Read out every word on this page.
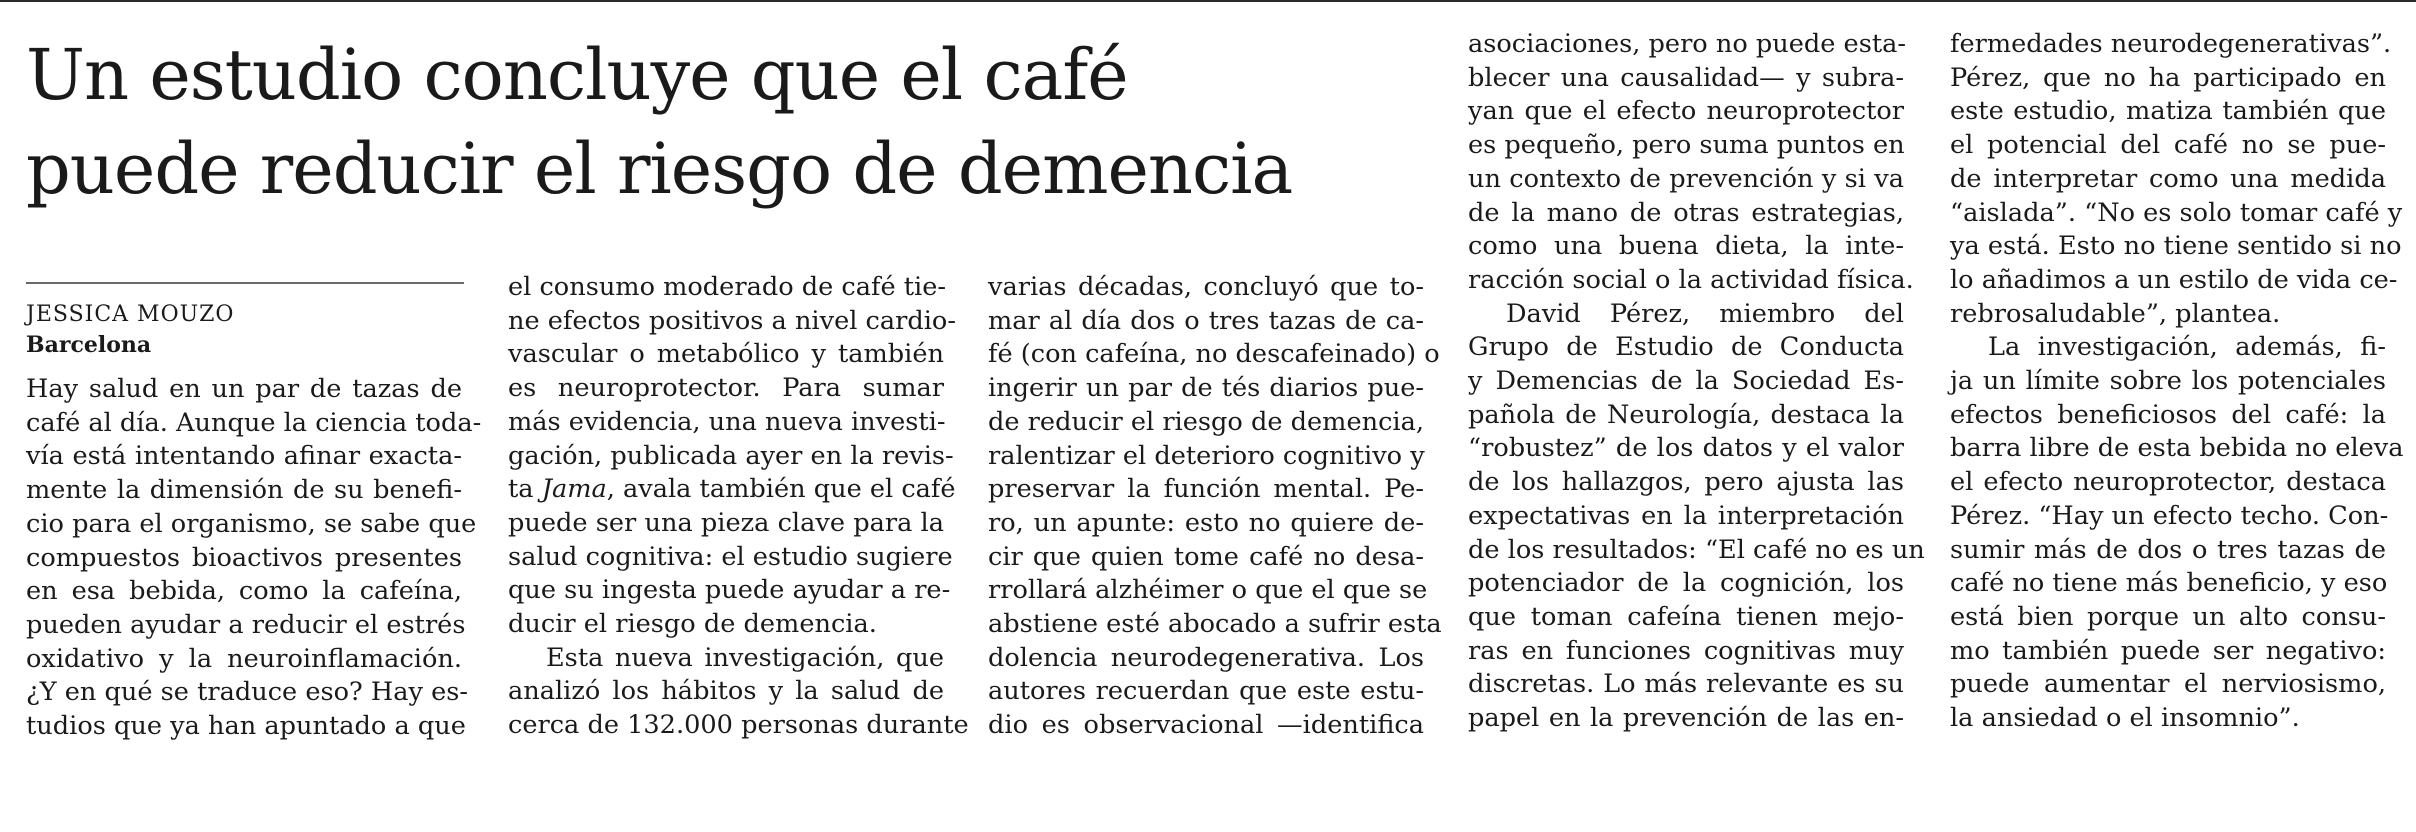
Un estudio concluye que el café
puede reducir el riesgo de demencia
JESSICA MOUZO
Barcelona
Hay salud en un par de tazas de
café al día. Aunque la ciencia toda-
vía está intentando afinar exacta-
mente la dimensión de su benefi-
cio para el organismo, se sabe que
compuestos bioactivos presentes
en esa bebida, como la cafeína,
pueden ayudar a reducir el estrés
oxidativo y la neuroinflamación.
¿Y en qué se traduce eso? Hay es-
tudios que ya han apuntado a que
el consumo moderado de café tie-
ne efectos positivos a nivel cardio-
vascular o metabólico y también
es neuroprotector. Para sumar
más evidencia, una nueva investi-
gación, publicada ayer en la revis-
ta Jama, avala también que el café
puede ser una pieza clave para la
salud cognitiva: el estudio sugiere
que su ingesta puede ayudar a re-
ducir el riesgo de demencia.
Esta nueva investigación, que
analizó los hábitos y la salud de
cerca de 132.000 personas durante
varias décadas, concluyó que to-
mar al día dos o tres tazas de ca-
fé (con cafeína, no descafeinado) o
ingerir un par de tés diarios pue-
de reducir el riesgo de demencia,
ralentizar el deterioro cognitivo y
preservar la función mental. Pe-
ro, un apunte: esto no quiere de-
cir que quien tome café no desa-
rrollará alzhéimer o que el que se
abstiene esté abocado a sufrir esta
dolencia neurodegenerativa. Los
autores recuerdan que este estu-
dio es observacional —identifica
asociaciones, pero no puede esta-
blecer una causalidad— y subra-
yan que el efecto neuroprotector
es pequeño, pero suma puntos en
un contexto de prevención y si va
de la mano de otras estrategias,
como una buena dieta, la inte-
racción social o la actividad física.
David Pérez, miembro del
Grupo de Estudio de Conducta
y Demencias de la Sociedad Es-
pañola de Neurología, destaca la
“robustez” de los datos y el valor
de los hallazgos, pero ajusta las
expectativas en la interpretación
de los resultados: “El café no es un
potenciador de la cognición, los
que toman cafeína tienen mejo-
ras en funciones cognitivas muy
discretas. Lo más relevante es su
papel en la prevención de las en-
fermedades neurodegenerativas”.
Pérez, que no ha participado en
este estudio, matiza también que
el potencial del café no se pue-
de interpretar como una medida
“aislada”. “No es solo tomar café y
ya está. Esto no tiene sentido si no
lo añadimos a un estilo de vida ce-
rebrosaludable”, plantea.
La investigación, además, fi-
ja un límite sobre los potenciales
efectos beneficiosos del café: la
barra libre de esta bebida no eleva
el efecto neuroprotector, destaca
Pérez. “Hay un efecto techo. Con-
sumir más de dos o tres tazas de
café no tiene más beneficio, y eso
está bien porque un alto consu-
mo también puede ser negativo:
puede aumentar el nerviosismo,
la ansiedad o el insomnio”.
